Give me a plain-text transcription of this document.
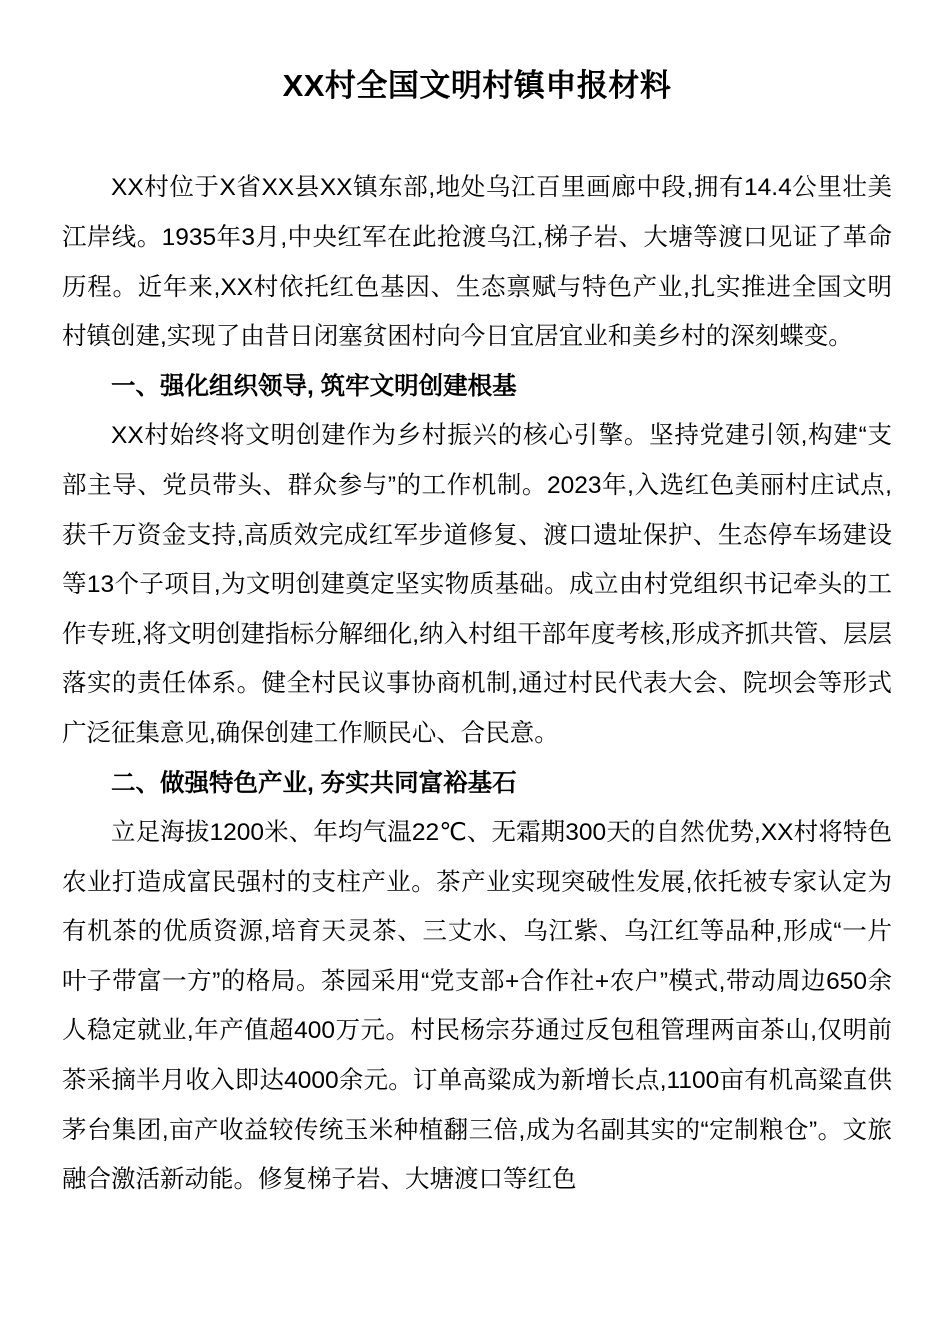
XX村全国文明村镇申报材料

XX村位于X省XX县XX镇东部,地处乌江百里画廊中段,拥有14.4公里壮美江岸线。1935年3月,中央红军在此抢渡乌江,梯子岩、大塘等渡口见证了革命历程。近年来,XX村依托红色基因、生态禀赋与特色产业,扎实推进全国文明村镇创建,实现了由昔日闭塞贫困村向今日宜居宜业和美乡村的深刻蝶变。

一、强化组织领导, 筑牢文明创建根基

XX村始终将文明创建作为乡村振兴的核心引擎。坚持党建引领,构建“支部主导、党员带头、群众参与”的工作机制。2023年,入选红色美丽村庄试点,获千万资金支持,高质效完成红军步道修复、渡口遗址保护、生态停车场建设等13个子项目,为文明创建奠定坚实物质基础。成立由村党组织书记牵头的工作专班,将文明创建指标分解细化,纳入村组干部年度考核,形成齐抓共管、层层落实的责任体系。健全村民议事协商机制,通过村民代表大会、院坝会等形式广泛征集意见,确保创建工作顺民心、合民意。

二、做强特色产业, 夯实共同富裕基石

立足海拔1200米、年均气温22℃、无霜期300天的自然优势,XX村将特色农业打造成富民强村的支柱产业。茶产业实现突破性发展,依托被专家认定为有机茶的优质资源,培育天灵茶、三丈水、乌江紫、乌江红等品种,形成“一片叶子带富一方”的格局。茶园采用“党支部+合作社+农户”模式,带动周边650余人稳定就业,年产值超400万元。村民杨宗芬通过反包租管理两亩茶山,仅明前茶采摘半月收入即达4000余元。订单高粱成为新增长点,1100亩有机高粱直供茅台集团,亩产收益较传统玉米种植翻三倍,成为名副其实的“定制粮仓”。文旅融合激活新动能。修复梯子岩、大塘渡口等红色
